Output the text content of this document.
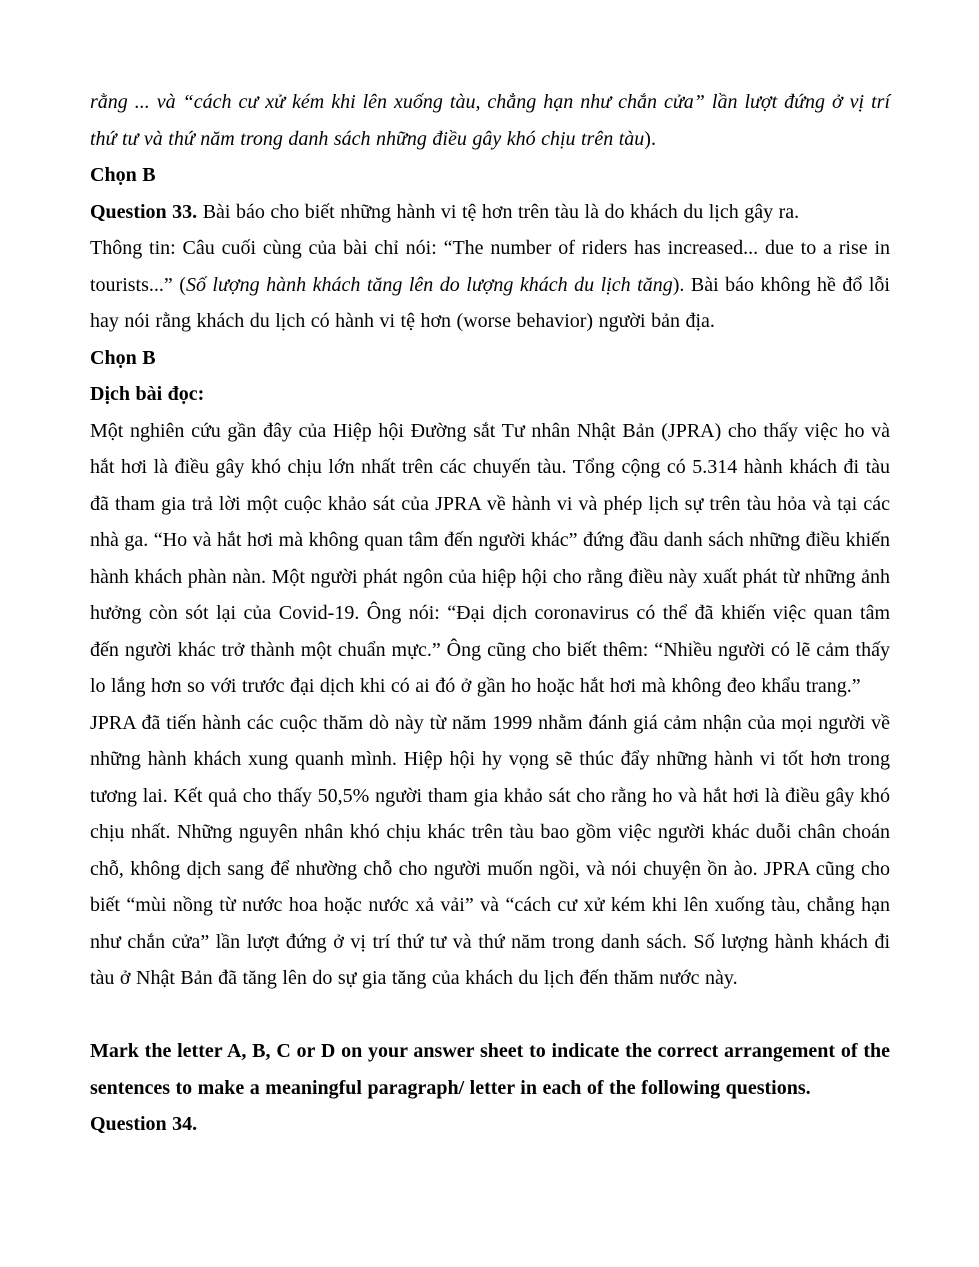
rằng ... và “cách cư xử kém khi lên xuống tàu, chẳng hạn như chắn cửa” lần lượt đứng ở vị trí thứ tư và thứ năm trong danh sách những điều gây khó chịu trên tàu).

Chọn B

Question 33. Bài báo cho biết những hành vi tệ hơn trên tàu là do khách du lịch gây ra.

Thông tin: Câu cuối cùng của bài chỉ nói: “The number of riders has increased... due to a rise in tourists...” (Số lượng hành khách tăng lên do lượng khách du lịch tăng). Bài báo không hề đổ lỗi hay nói rằng khách du lịch có hành vi tệ hơn (worse behavior) người bản địa.

Chọn B

Dịch bài đọc:

Một nghiên cứu gần đây của Hiệp hội Đường sắt Tư nhân Nhật Bản (JPRA) cho thấy việc ho và hắt hơi là điều gây khó chịu lớn nhất trên các chuyến tàu. Tổng cộng có 5.314 hành khách đi tàu đã tham gia trả lời một cuộc khảo sát của JPRA về hành vi và phép lịch sự trên tàu hỏa và tại các nhà ga. “Ho và hắt hơi mà không quan tâm đến người khác” đứng đầu danh sách những điều khiến hành khách phàn nàn. Một người phát ngôn của hiệp hội cho rằng điều này xuất phát từ những ảnh hưởng còn sót lại của Covid-19. Ông nói: “Đại dịch coronavirus có thể đã khiến việc quan tâm đến người khác trở thành một chuẩn mực.” Ông cũng cho biết thêm: “Nhiều người có lẽ cảm thấy lo lắng hơn so với trước đại dịch khi có ai đó ở gần ho hoặc hắt hơi mà không đeo khẩu trang.”

JPRA đã tiến hành các cuộc thăm dò này từ năm 1999 nhằm đánh giá cảm nhận của mọi người về những hành khách xung quanh mình. Hiệp hội hy vọng sẽ thúc đẩy những hành vi tốt hơn trong tương lai. Kết quả cho thấy 50,5% người tham gia khảo sát cho rằng ho và hắt hơi là điều gây khó chịu nhất. Những nguyên nhân khó chịu khác trên tàu bao gồm việc người khác duỗi chân choán chỗ, không dịch sang để nhường chỗ cho người muốn ngồi, và nói chuyện ồn ào. JPRA cũng cho biết “mùi nồng từ nước hoa hoặc nước xả vải” và “cách cư xử kém khi lên xuống tàu, chẳng hạn như chắn cửa” lần lượt đứng ở vị trí thứ tư và thứ năm trong danh sách. Số lượng hành khách đi tàu ở Nhật Bản đã tăng lên do sự gia tăng của khách du lịch đến thăm nước này.

Mark the letter A, B, C or D on your answer sheet to indicate the correct arrangement of the sentences to make a meaningful paragraph/ letter in each of the following questions.

Question 34.
